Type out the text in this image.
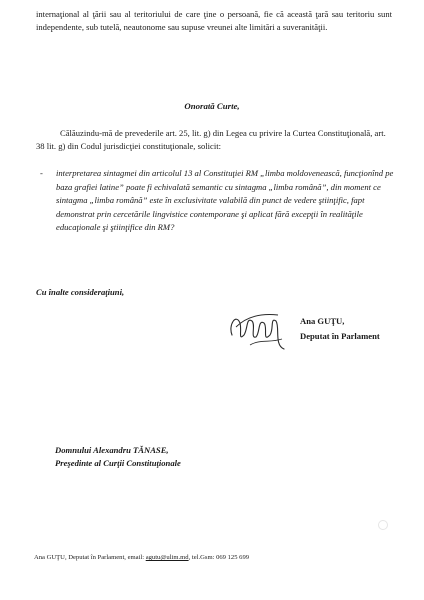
internaţional al ţării sau al teritoriului de care ţine o persoană, fie că această ţară sau teritoriu sunt independente, sub tutelă, neautonome sau supuse vreunei alte limitări a suveranităţii.

Onorată Curte,

Călăuzindu-mă de prevederile art. 25, lit. g) din Legea cu privire la Curtea Constituţională, art. 38 lit. g) din Codul jurisdicţiei constituţionale, solicit:

- interpretarea sintagmei din articolul 13 al Constituţiei RM „limba moldovenească, funcţionînd pe baza grafiei latine” poate fi echivalată semantic cu sintagma „limba română”, din moment ce sintagma „limba română” este în exclusivitate valabilă din punct de vedere ştiinţific, fapt demonstrat prin cercetările lingvistice contemporane şi aplicat fără excepţii în realităţile educaţionale şi ştiinţifice din RM?

Cu înalte consideraţiuni,

Ana GUŢU,

Deputat în Parlament

Domnului Alexandru TĂNASE,

Preşedinte al Curţii Constituţionale

Ana GUŢU, Deputat în Parlament, email: agutu@ulim.md, tel.Gsm: 069 125 699
